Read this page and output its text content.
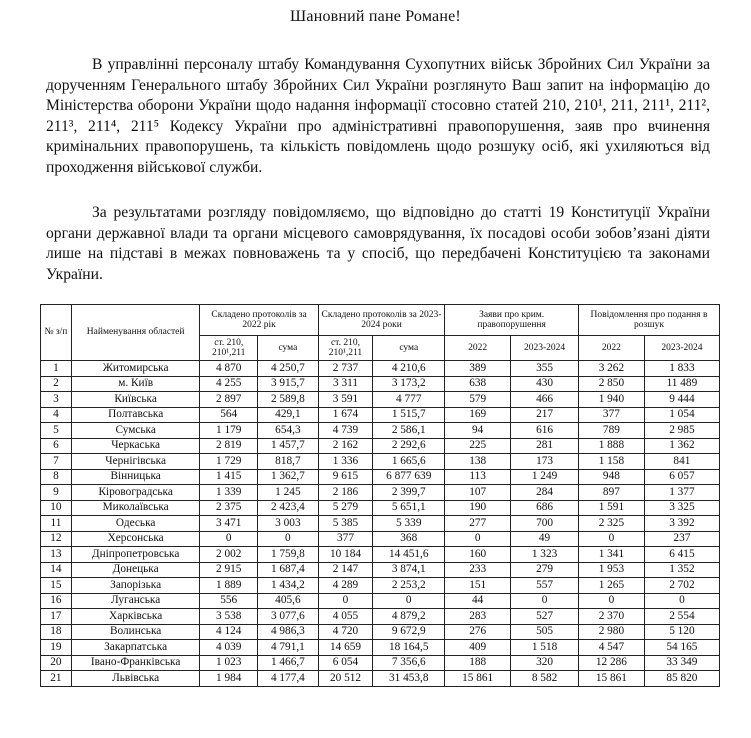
Шановний пане Романе!

В управлінні персоналу штабу Командування Сухопутних військ Збройних Сил України за дорученням Генерального штабу Збройних Сил України розглянуто Ваш запит на інформацію до Міністерства оборони України щодо надання інформації стосовно статей 210, 210¹, 211, 211¹, 211², 211³, 211⁴, 211⁵ Кодексу України про адміністративні правопорушення, заяв про вчинення кримінальних правопорушень, та кількість повідомлень щодо розшуку осіб, які ухиляються від проходження військової служби.

За результатами розгляду повідомляємо, що відповідно до статті 19 Конституції України органи державної влади та органи місцевого самоврядування, їх посадові особи зобов’язані діяти лише на підставі в межах повноважень та у спосіб, що передбачені Конституцією та законами України.

№ з/п	Найменування областей	Складено протоколів за 2022 рік		Складено протоколів за 2023-2024 роки		Заяви про крим. правопорушення		Повідомлення про подання в розшук	
		ст. 210, 210¹,211	сума	ст. 210, 210¹,211	сума	2022	2023-2024	2022	2023-2024
1	Житомирська	4 870	4 250,7	2 737	4 210,6	389	355	3 262	1 833
2	м. Київ	4 255	3 915,7	3 311	3 173,2	638	430	2 850	11 489
3	Київська	2 897	2 589,8	3 591	4 777	579	466	1 940	9 444
4	Полтавська	564	429,1	1 674	1 515,7	169	217	377	1 054
5	Сумська	1 179	654,3	4 739	2 586,1	94	616	789	2 985
6	Черкаська	2 819	1 457,7	2 162	2 292,6	225	281	1 888	1 362
7	Чернігівська	1 729	818,7	1 336	1 665,6	138	173	1 158	841
8	Вінницька	1 415	1 362,7	9 615	6 877 639	113	1 249	948	6 057
9	Кіровоградська	1 339	1 245	2 186	2 399,7	107	284	897	1 377
10	Миколаївська	2 375	2 423,4	5 279	5 651,1	190	686	1 591	3 325
11	Одеська	3 471	3 003	5 385	5 339	277	700	2 325	3 392
12	Херсонська	0	0	377	368	0	49	0	237
13	Дніпропетровська	2 002	1 759,8	10 184	14 451,6	160	1 323	1 341	6 415
14	Донецька	2 915	1 687,4	2 147	3 874,1	233	279	1 953	1 352
15	Запорізька	1 889	1 434,2	4 289	2 253,2	151	557	1 265	2 702
16	Луганська	556	405,6	0	0	44	0	0	0
17	Харківська	3 538	3 077,6	4 055	4 879,2	283	527	2 370	2 554
18	Волинська	4 124	4 986,3	4 720	9 672,9	276	505	2 980	5 120
19	Закарпатська	4 039	4 791,1	14 659	18 164,5	409	1 518	4 547	54 165
20	Івано-Франківська	1 023	1 466,7	6 054	7 356,6	188	320	12 286	33 349
21	Львівська	1 984	4 177,4	20 512	31 453,8	15 861	8 582	15 861	85 820
